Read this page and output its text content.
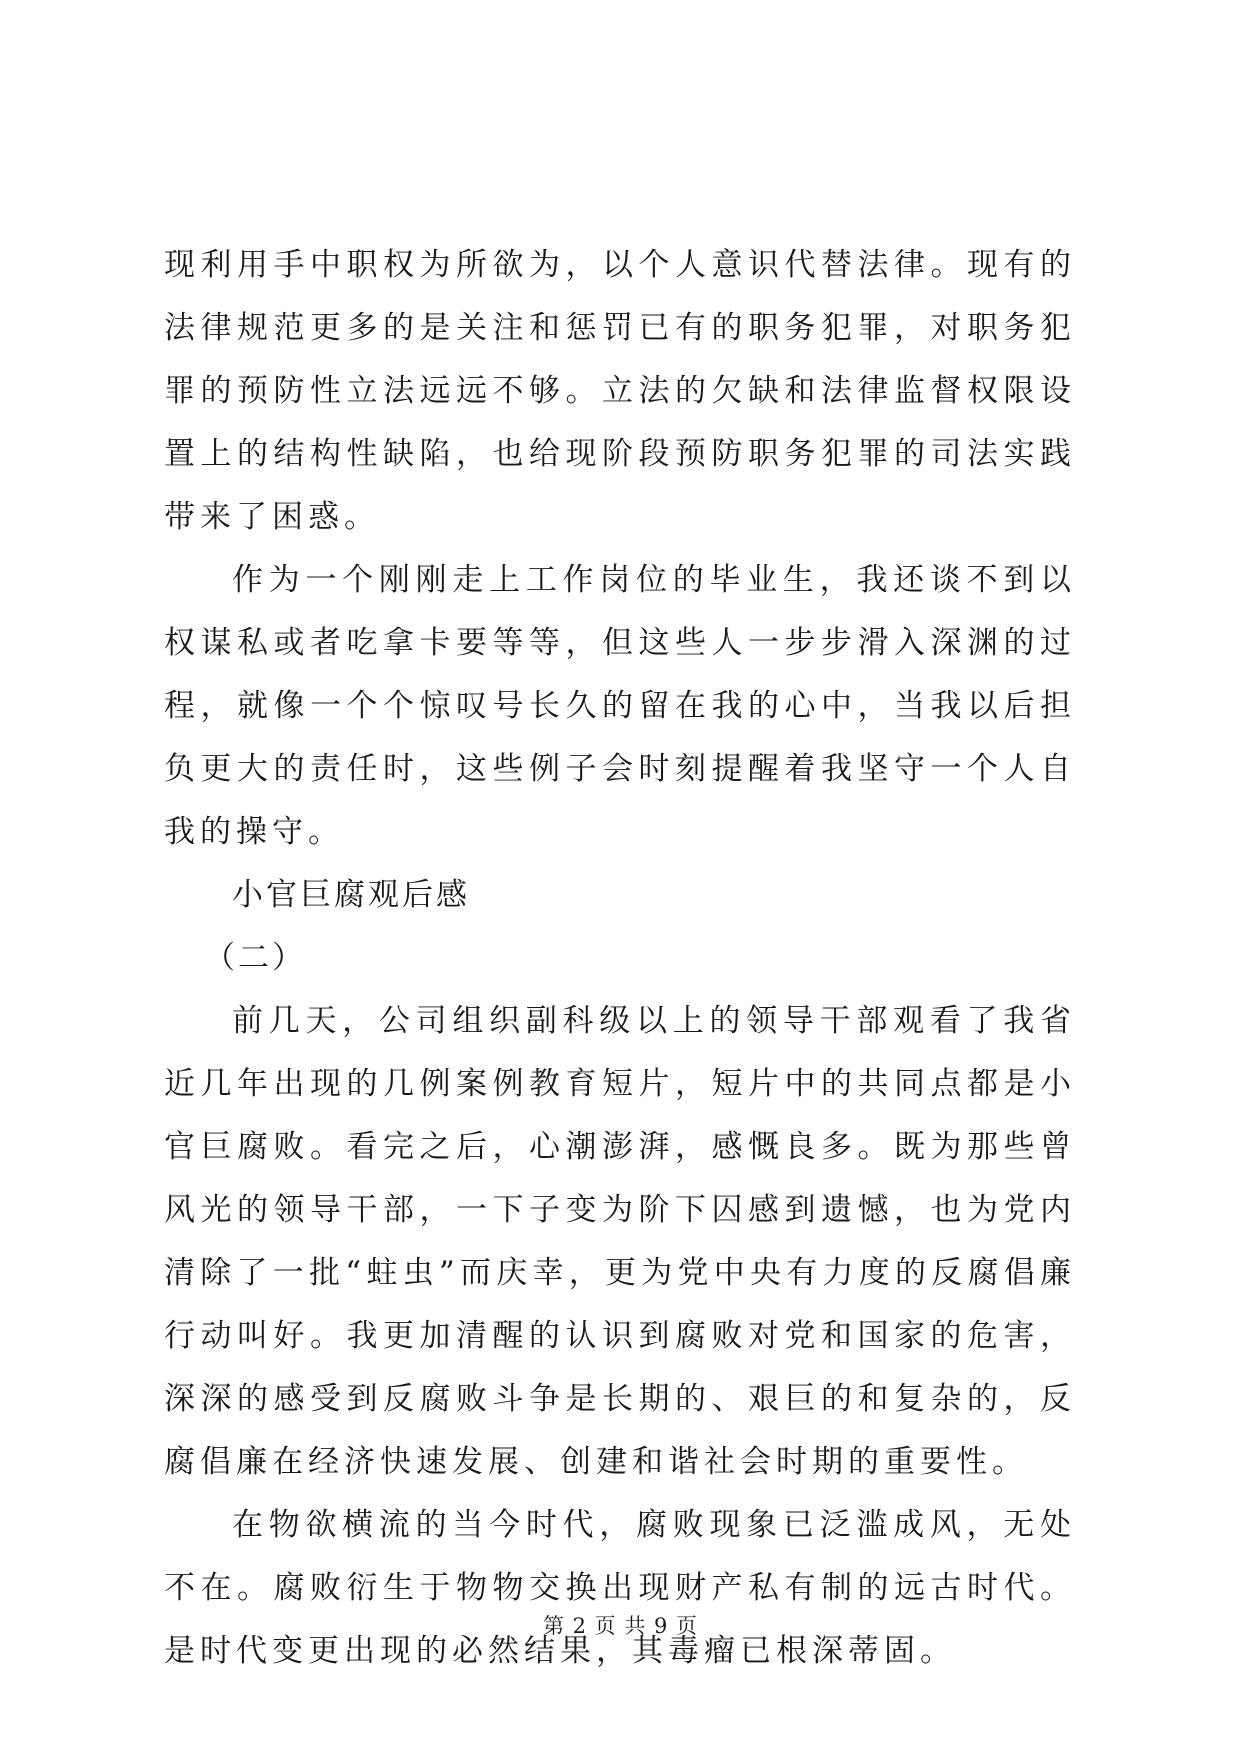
现利用手中职权为所欲为，以个人意识代替法律。现有的法律规范更多的是关注和惩罚已有的职务犯罪，对职务犯罪的预防性立法远远不够。立法的欠缺和法律监督权限设置上的结构性缺陷，也给现阶段预防职务犯罪的司法实践带来了困惑。

作为一个刚刚走上工作岗位的毕业生，我还谈不到以权谋私或者吃拿卡要等等，但这些人一步步滑入深渊的过程，就像一个个惊叹号长久的留在我的心中，当我以后担负更大的责任时，这些例子会时刻提醒着我坚守一个人自我的操守。

小官巨腐观后感

（二）

前几天，公司组织副科级以上的领导干部观看了我省近几年出现的几例案例教育短片，短片中的共同点都是小官巨腐败。看完之后，心潮澎湃，感慨良多。既为那些曾风光的领导干部，一下子变为阶下囚感到遗憾，也为党内清除了一批“蛀虫”而庆幸，更为党中央有力度的反腐倡廉行动叫好。我更加清醒的认识到腐败对党和国家的危害，深深的感受到反腐败斗争是长期的、艰巨的和复杂的，反腐倡廉在经济快速发展、创建和谐社会时期的重要性。

在物欲横流的当今时代，腐败现象已泛滥成风，无处不在。腐败衍生于物物交换出现财产私有制的远古时代。是时代变更出现的必然结果，其毒瘤已根深蒂固。

第 2 页 共 9 页
